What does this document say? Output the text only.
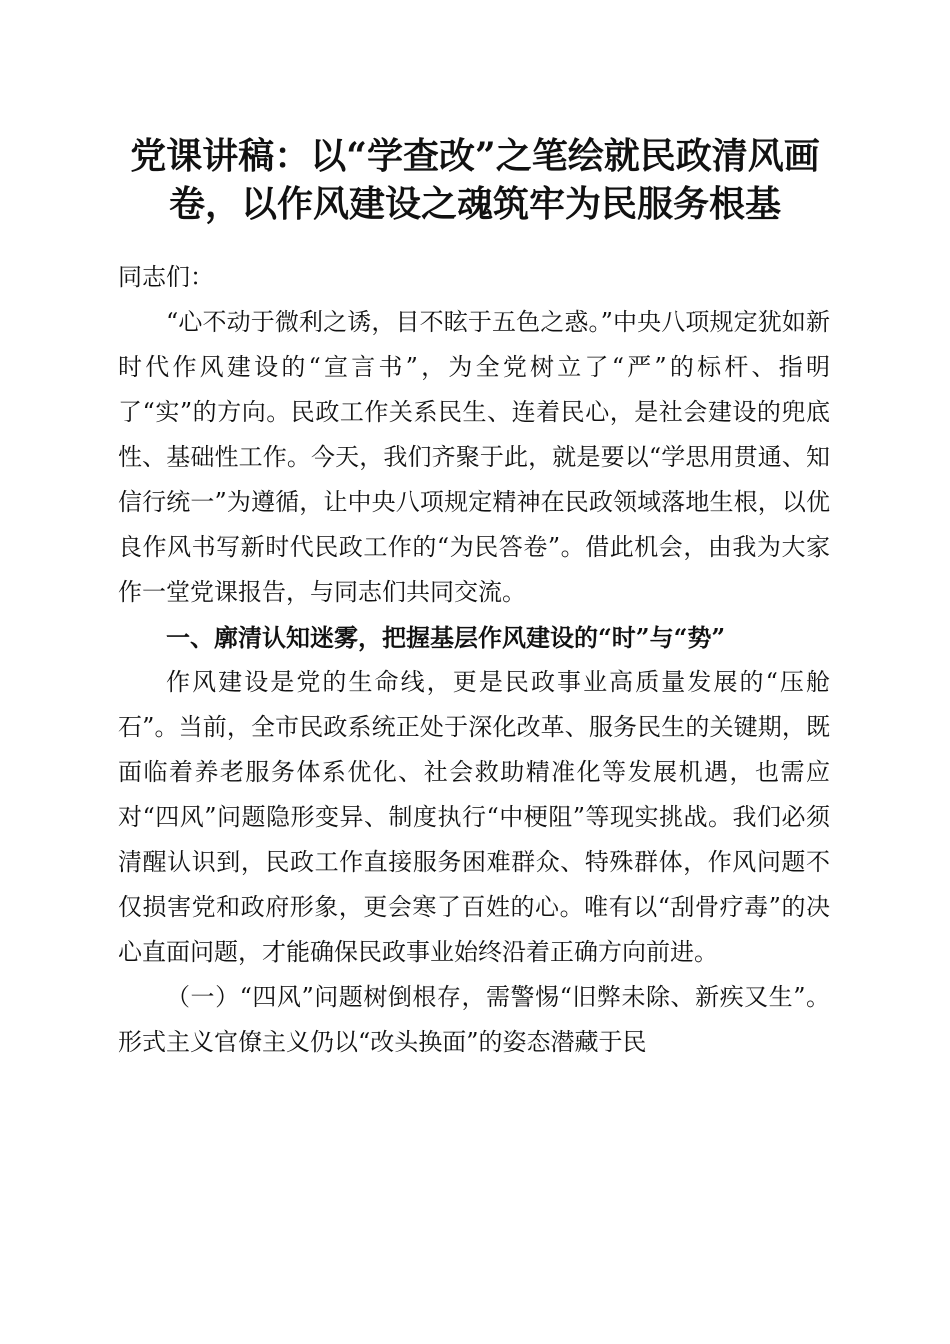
党课讲稿：以“学查改”之笔绘就民政清风画卷，以作风建设之魂筑牢为民服务根基

同志们：

“心不动于微利之诱，目不眩于五色之惑。”中央八项规定犹如新时代作风建设的“宣言书”，为全党树立了“严”的标杆、指明了“实”的方向。民政工作关系民生、连着民心，是社会建设的兜底性、基础性工作。今天，我们齐聚于此，就是要以“学思用贯通、知信行统一”为遵循，让中央八项规定精神在民政领域落地生根，以优良作风书写新时代民政工作的“为民答卷”。借此机会，由我为大家作一堂党课报告，与同志们共同交流。

一、廓清认知迷雾，把握基层作风建设的“时”与“势”

作风建设是党的生命线，更是民政事业高质量发展的“压舱石”。当前，全市民政系统正处于深化改革、服务民生的关键期，既面临着养老服务体系优化、社会救助精准化等发展机遇，也需应对“四风”问题隐形变异、制度执行“中梗阻”等现实挑战。我们必须清醒认识到，民政工作直接服务困难群众、特殊群体，作风问题不仅损害党和政府形象，更会寒了百姓的心。唯有以“刮骨疗毒”的决心直面问题，才能确保民政事业始终沿着正确方向前进。

（一）“四风”问题树倒根存，需警惕“旧弊未除、新疾又生”。形式主义官僚主义仍以“改头换面”的姿态潜藏于民
